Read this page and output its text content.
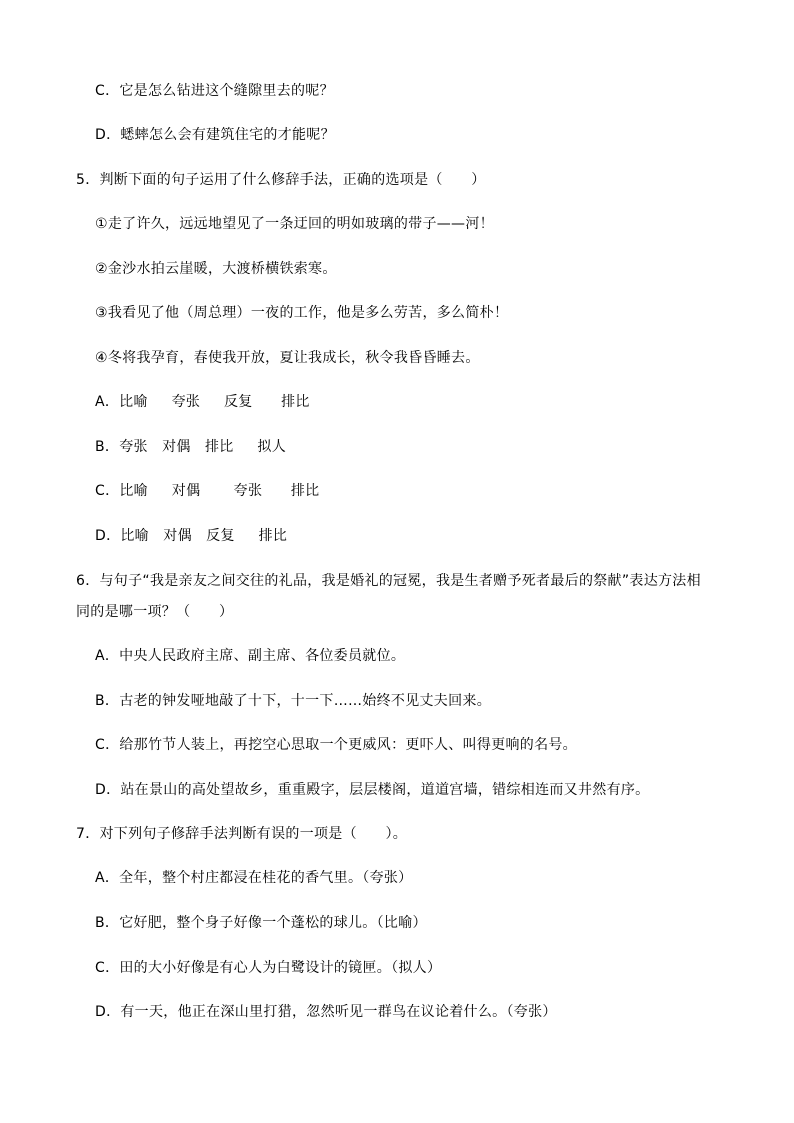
C．它是怎么钻进这个缝隙里去的呢？
D．蟋蟀怎么会有建筑住宅的才能呢？
5．判断下面的句子运用了什么修辞手法，正确的选项是（　　）
①走了许久，远远地望见了一条迂回的明如玻璃的带子——河！
②金沙水拍云崖暖，大渡桥横铁索寒。
③我看见了他（周总理）一夜的工作，他是多么劳苦，多么简朴！
④冬将我孕育，春使我开放，夏让我成长，秋令我昏昏睡去。
A．比喻　  夸张　  反复　   排比
B．夸张　对偶　排比　  拟人
C．比喻　  对偶　    夸张　   排比
D．比喻　对偶　反复　  排比
6．与句子“我是亲友之间交往的礼品，我是婚礼的冠冕，我是生者赠予死者最后的祭献”表达方法相
同的是哪一项？（　　）
A．中央人民政府主席、副主席、各位委员就位。
B．古老的钟发哑地敲了十下，十一下……始终不见丈夫回来。
C．给那竹节人装上，再挖空心思取一个更威风：更吓人、叫得更响的名号。
D．站在景山的高处望故乡，重重殿字，层层楼阁，道道宫墙，错综相连而又井然有序。
7．对下列句子修辞手法判断有误的一项是（　　）。
A．全年，整个村庄都浸在桂花的香气里。（夸张）
B．它好肥，整个身子好像一个蓬松的球儿。（比喻）
C．田的大小好像是有心人为白鹭设计的镜匣。（拟人）
D．有一天，他正在深山里打猎，忽然听见一群鸟在议论着什么。（夸张）
